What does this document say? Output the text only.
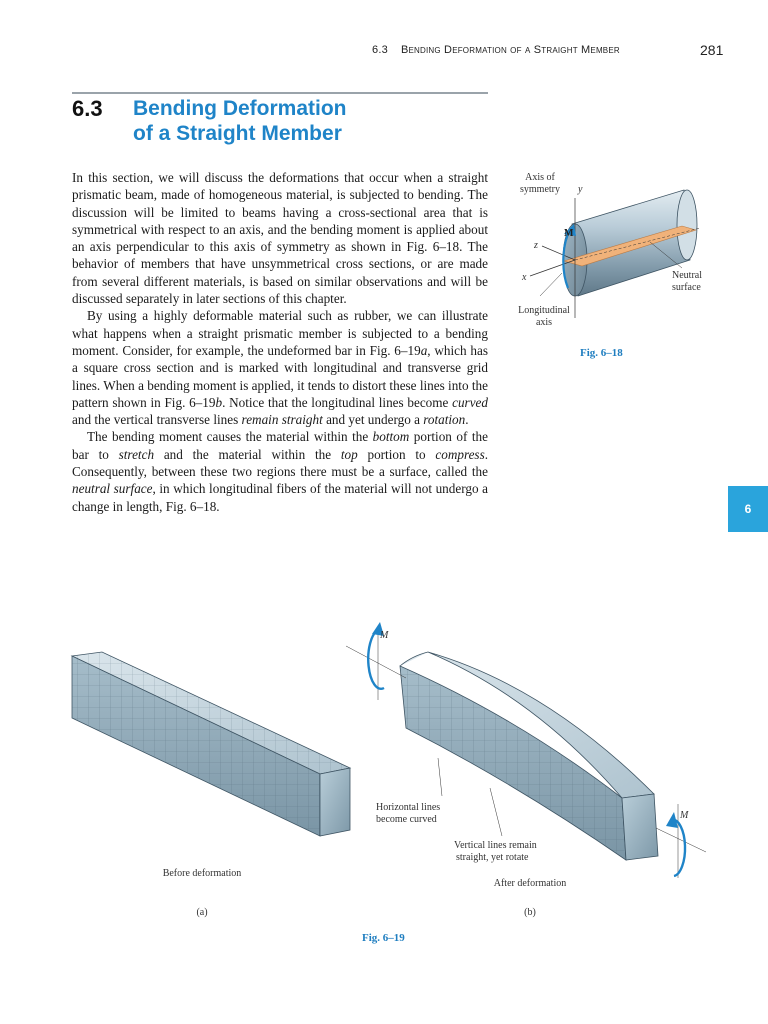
6.3 Bending Deformation of a Straight Member	281
6.3 Bending Deformation
of a Straight Member

In this section, we will discuss the deformations that occur when a straight prismatic beam, made of homogeneous material, is subjected to bending. The discussion will be limited to beams having a cross-sectional area that is symmetrical with respect to an axis, and the bending moment is applied about an axis perpendicular to this axis of symmetry as shown in Fig. 6–18. The behavior of members that have unsymmetrical cross sections, or are made from several different materials, is based on similar observations and will be discussed separately in later sections of this chapter.

By using a highly deformable material such as rubber, we can illustrate what happens when a straight prismatic member is subjected to a bending moment. Consider, for example, the undeformed bar in Fig. 6–19a, which has a square cross section and is marked with longitudinal and transverse grid lines. When a bending moment is applied, it tends to distort these lines into the pattern shown in Fig. 6–19b. Notice that the longitudinal lines become curved and the vertical transverse lines remain straight and yet undergo a rotation.

The bending moment causes the material within the bottom portion of the bar to stretch and the material within the top portion to compress. Consequently, between these two regions there must be a surface, called the neutral surface, in which longitudinal fibers of the material will not undergo a change in length, Fig. 6–18.	6
Axis of
symmetry y
M
z
x	Neutral
surface
Longitudinal
axis
Fig. 6–18
Before deformation
(a)
M
M
Horizontal lines
become curved
Vertical lines remain
straight, yet rotate
After deformation
(b)
Fig. 6–19
